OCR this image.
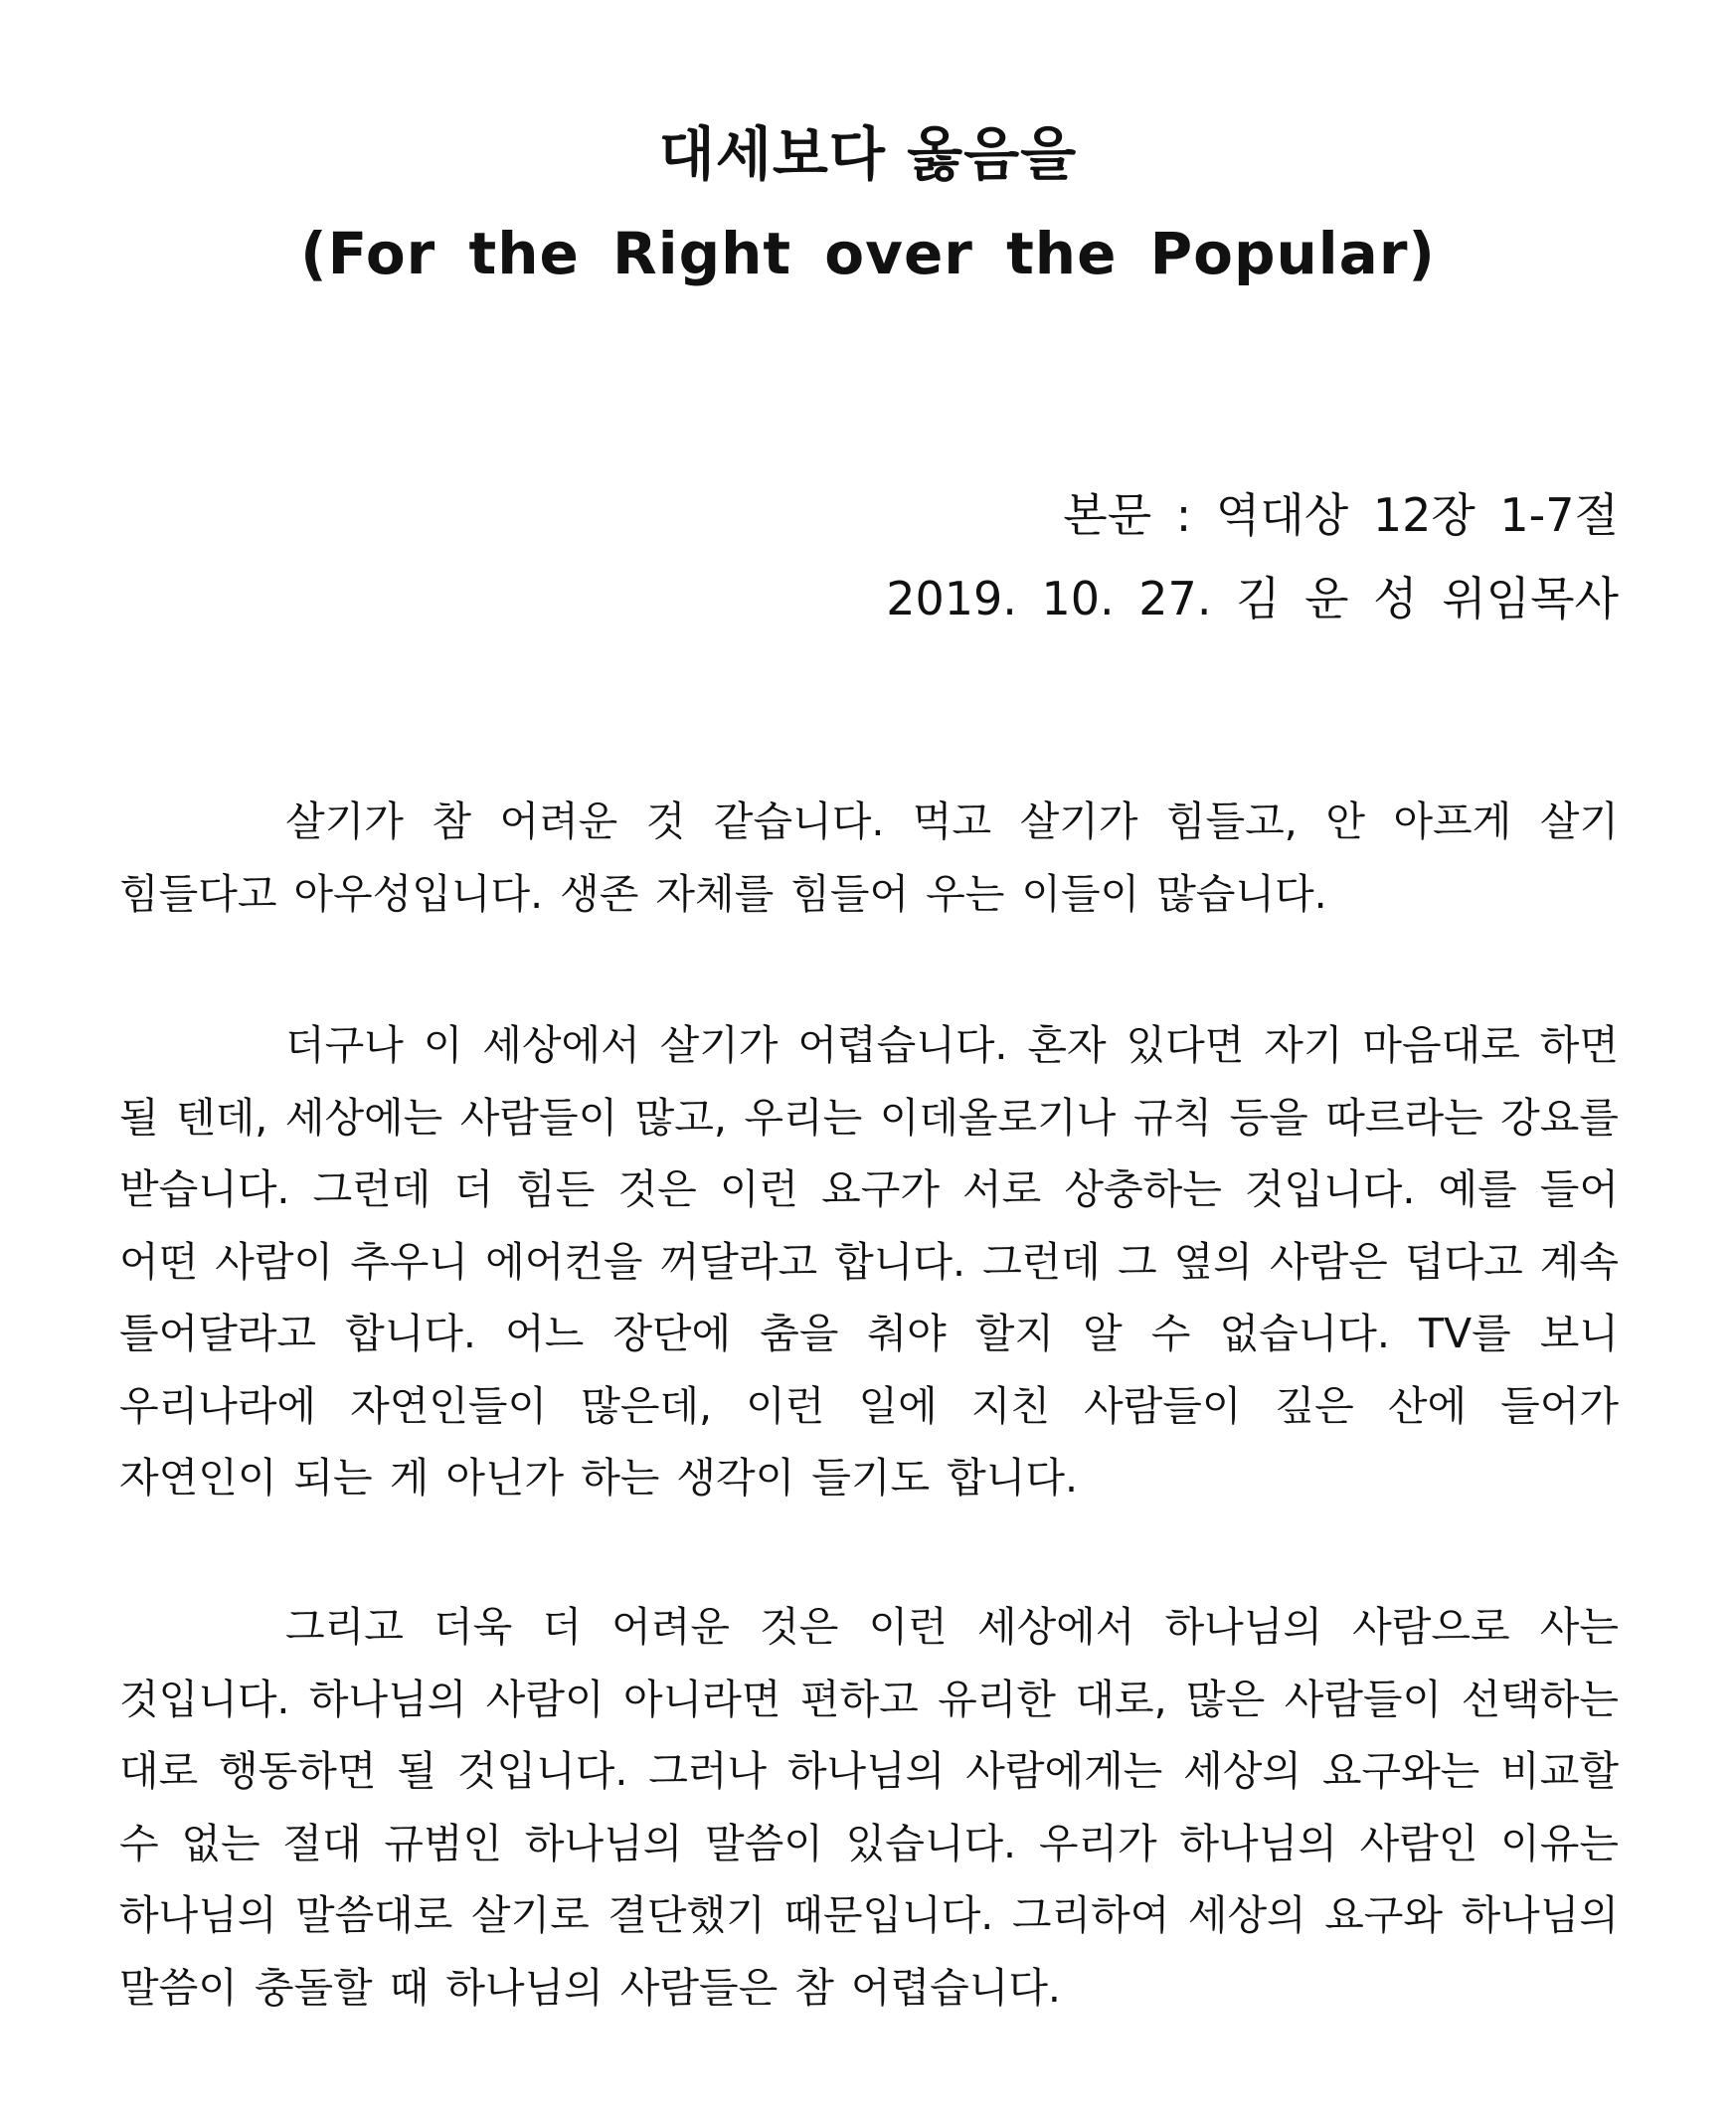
대세보다 옳음을
(For the Right over the Popular)
본문 : 역대상 12장 1-7절
2019. 10. 27. 김 운 성 위임목사

살기가 참 어려운 것 같습니다. 먹고 살기가 힘들고, 안 아프게 살기 힘들다고 아우성입니다. 생존 자체를 힘들어 우는 이들이 많습니다.

더구나 이 세상에서 살기가 어렵습니다. 혼자 있다면 자기 마음대로 하면 될 텐데, 세상에는 사람들이 많고, 우리는 이데올로기나 규칙 등을 따르라는 강요를 받습니다. 그런데 더 힘든 것은 이런 요구가 서로 상충하는 것입니다. 예를 들어 어떤 사람이 추우니 에어컨을 꺼달라고 합니다. 그런데 그 옆의 사람은 덥다고 계속 틀어달라고 합니다. 어느 장단에 춤을 춰야 할지 알 수 없습니다. TV를 보니 우리나라에 자연인들이 많은데, 이런 일에 지친 사람들이 깊은 산에 들어가 자연인이 되는 게 아닌가 하는 생각이 들기도 합니다.

그리고 더욱 더 어려운 것은 이런 세상에서 하나님의 사람으로 사는 것입니다. 하나님의 사람이 아니라면 편하고 유리한 대로, 많은 사람들이 선택하는 대로 행동하면 될 것입니다. 그러나 하나님의 사람에게는 세상의 요구와는 비교할 수 없는 절대 규범인 하나님의 말씀이 있습니다. 우리가 하나님의 사람인 이유는 하나님의 말씀대로 살기로 결단했기 때문입니다. 그리하여 세상의 요구와 하나님의 말씀이 충돌할 때 하나님의 사람들은 참 어렵습니다.
